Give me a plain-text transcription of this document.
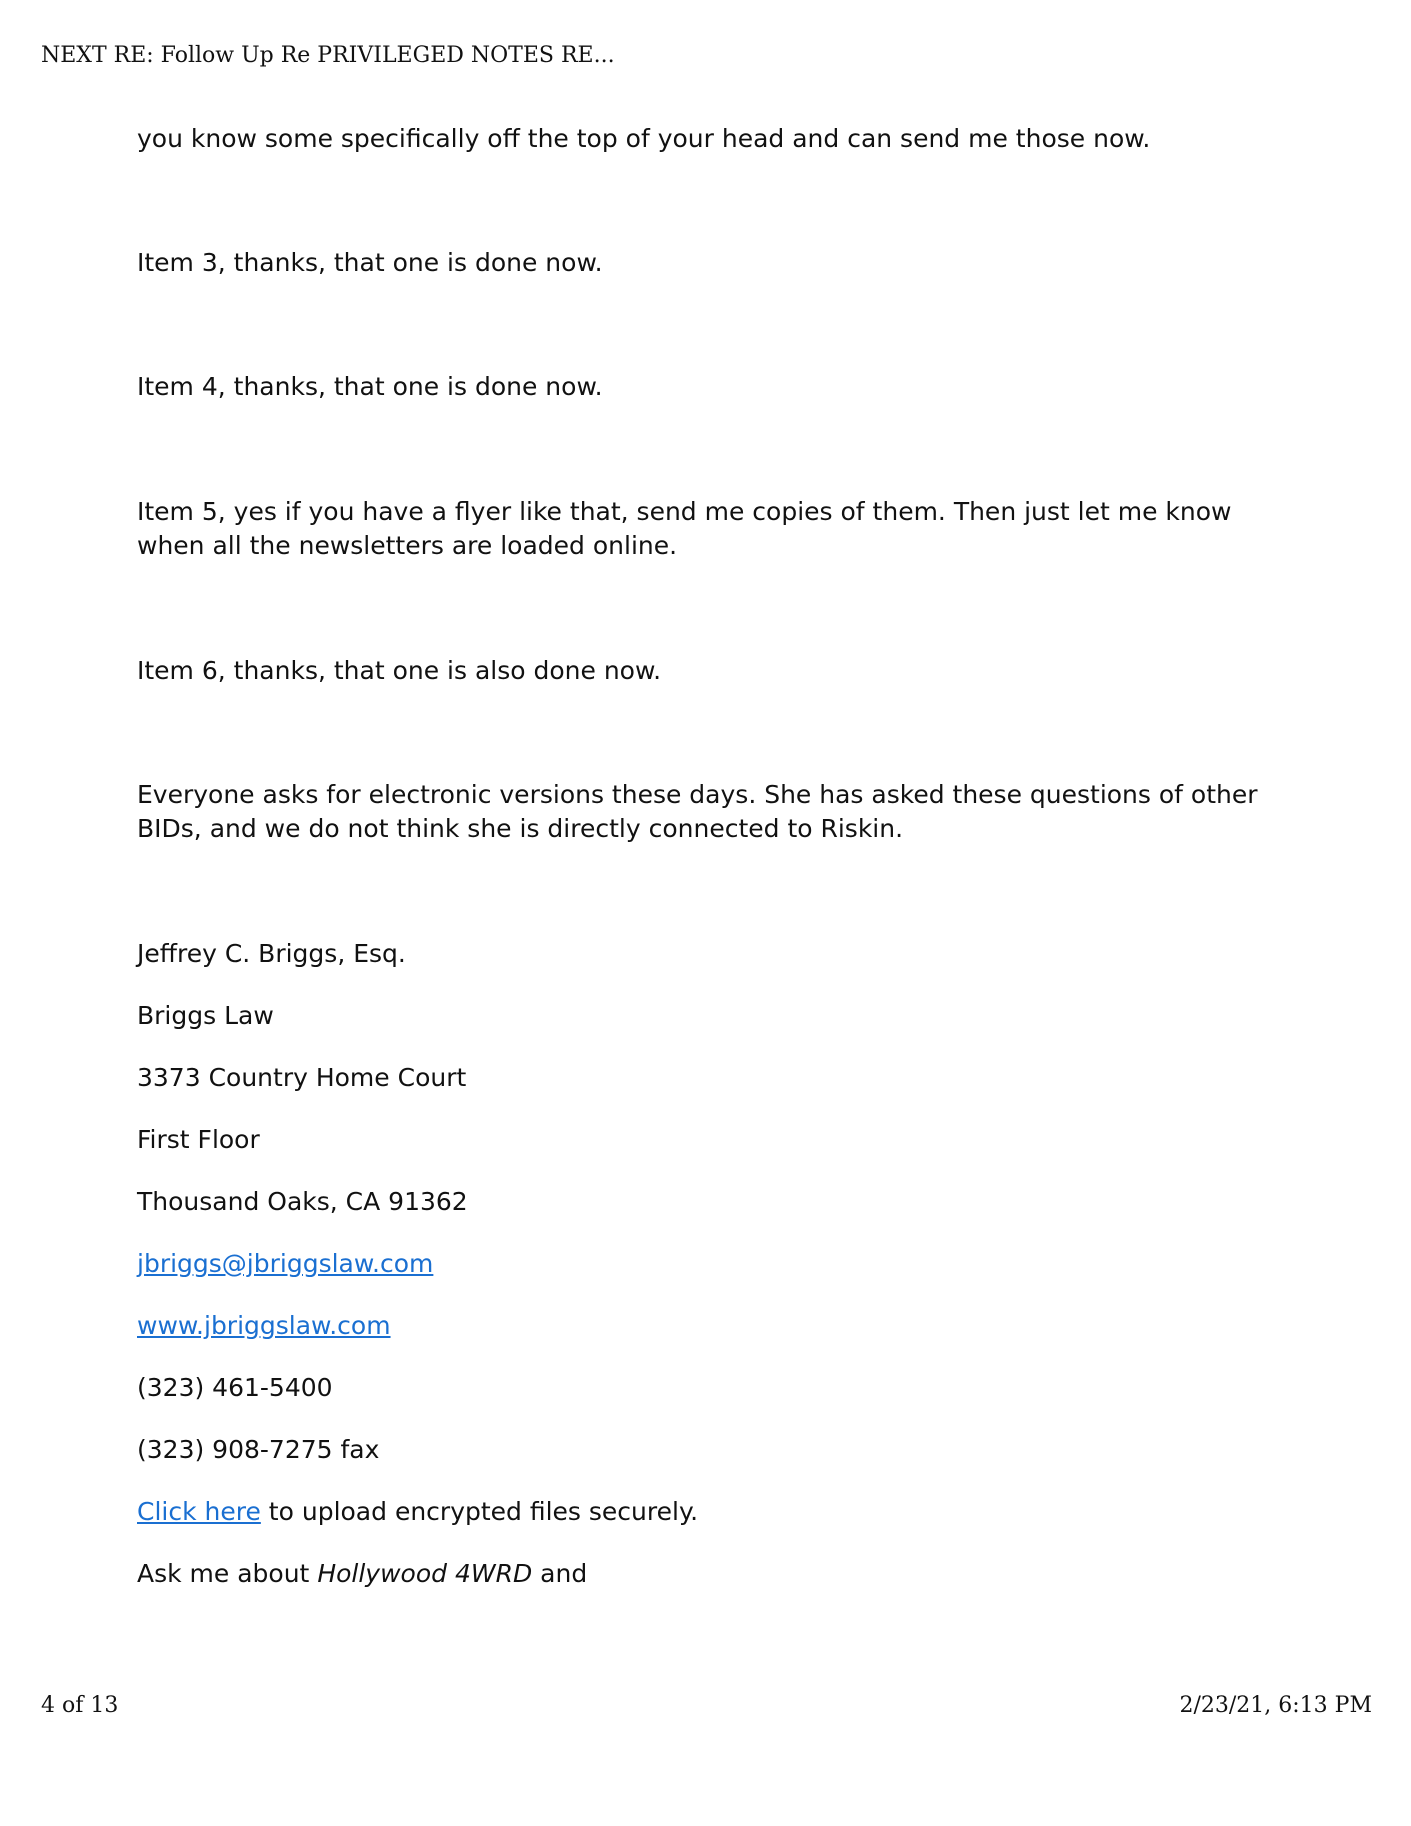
NEXT RE: Follow Up Re PRIVILEGED NOTES RE...

you know some specifically off the top of your head and can send me those now.

Item 3, thanks, that one is done now.

Item 4, thanks, that one is done now.

Item 5, yes if you have a flyer like that, send me copies of them. Then just let me know when all the newsletters are loaded online.

Item 6, thanks, that one is also done now.

Everyone asks for electronic versions these days. She has asked these questions of other BIDs, and we do not think she is directly connected to Riskin.

Jeffrey C. Briggs, Esq.

Briggs Law

3373 Country Home Court

First Floor

Thousand Oaks, CA 91362

jbriggs@jbriggslaw.com

www.jbriggslaw.com

(323) 461-5400

(323) 908-7275 fax

Click here to upload encrypted files securely.

Ask me about Hollywood 4WRD and

4 of 13	2/23/21, 6:13 PM
